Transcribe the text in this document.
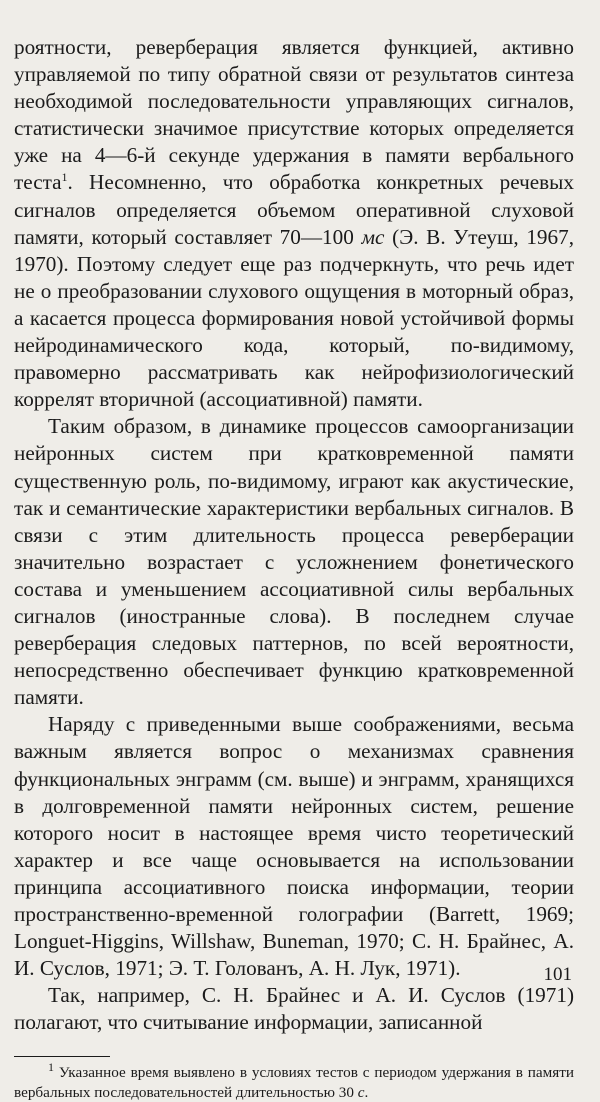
роятности, реверберация является функцией, активно управляемой по типу обратной связи от результатов синтеза необходимой последовательности управляющих сигналов, статистически значимое присутствие которых определяется уже на 4—6-й секунде удержания в памяти вербального теста$^1$. Несомненно, что обработка конкретных речевых сигналов определяется объемом оперативной слуховой памяти, который составляет 70—100 мс (Э. В. Утеуш, 1967, 1970). Поэтому следует еще раз подчеркнуть, что речь идет не о преобразовании слухового ощущения в моторный образ, а касается процесса формирования новой устойчивой формы нейродинамического кода, который, по-видимому, правомерно рассматривать как нейрофизиологический коррелят вторичной (ассоциативной) памяти.

Таким образом, в динамике процессов самоорганизации нейронных систем при кратковременной памяти существенную роль, по-видимому, играют как акустические, так и семантические характеристики вербальных сигналов. В связи с этим длительность процесса реверберации значительно возрастает с усложнением фонетического состава и уменьшением ассоциативной силы вербальных сигналов (иностранные слова). В последнем случае реверберация следовых паттернов, по всей вероятности, непосредственно обеспечивает функцию кратковременной памяти.

Наряду с приведенными выше соображениями, весьма важным является вопрос о механизмах сравнения функциональных энграмм (см. выше) и энграмм, хранящихся в долговременной памяти нейронных систем, решение которого носит в настоящее время чисто теоретический характер и все чаще основывается на использовании принципа ассоциативного поиска информации, теории пространственно-временной голографии (Barrett, 1969; Longuet-Higgins, Willshaw, Buneman, 1970; С. Н. Брайнес, А. И. Суслов, 1971; Э. Т. Голованъ, А. Н. Лук, 1971).

Так, например, С. Н. Брайнес и А. И. Суслов (1971) полагают, что считывание информации, записанной

$^1$ Указанное время выявлено в условиях тестов с периодом удержания в памяти вербальных последовательностей длительностью 30 с.

101
